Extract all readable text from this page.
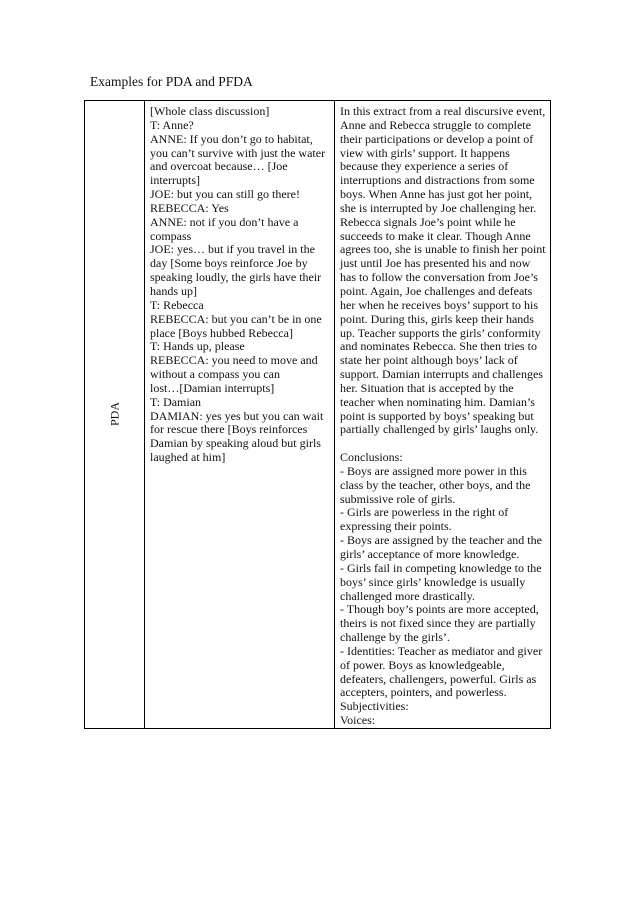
Examples for PDA and PFDA
PDA

[Whole class discussion]
T: Anne?
ANNE: If you don’t go to habitat,
you can’t survive with just the water
and overcoat because… [Joe
interrupts]
JOE: but you can still go there!
REBECCA: Yes
ANNE: not if you don’t have a
compass
JOE: yes… but if you travel in the
day [Some boys reinforce Joe by
speaking loudly, the girls have their
hands up]
T: Rebecca
REBECCA: but you can’t be in one
place [Boys hubbed Rebecca]
T: Hands up, please
REBECCA: you need to move and
without a compass you can
lost…[Damian interrupts]
T: Damian
DAMIAN: yes yes but you can wait
for rescue there [Boys reinforces
Damian by speaking aloud but girls
laughed at him]

In this extract from a real discursive event,
Anne and Rebecca struggle to complete
their participations or develop a point of
view with girls’ support. It happens
because they experience a series of
interruptions and distractions from some
boys. When Anne has just got her point,
she is interrupted by Joe challenging her.
Rebecca signals Joe’s point while he
succeeds to make it clear. Though Anne
agrees too, she is unable to finish her point
just until Joe has presented his and now
has to follow the conversation from Joe’s
point. Again, Joe challenges and defeats
her when he receives boys’ support to his
point. During this, girls keep their hands
up. Teacher supports the girls’ conformity
and nominates Rebecca. She then tries to
state her point although boys’ lack of
support. Damian interrupts and challenges
her. Situation that is accepted by the
teacher when nominating him. Damian’s
point is supported by boys’ speaking but
partially challenged by girls’ laughs only.
Conclusions:
- Boys are assigned more power in this
class by the teacher, other boys, and the
submissive role of girls.
- Girls are powerless in the right of
expressing their points.
- Boys are assigned by the teacher and the
girls’ acceptance of more knowledge.
- Girls fail in competing knowledge to the
boys’ since girls’ knowledge is usually
challenged more drastically.
- Though boy’s points are more accepted,
theirs is not fixed since they are partially
challenge by the girls’.
- Identities: Teacher as mediator and giver
of power. Boys as knowledgeable,
defeaters, challengers, powerful. Girls as
accepters, pointers, and powerless.
Subjectivities:
Voices:
